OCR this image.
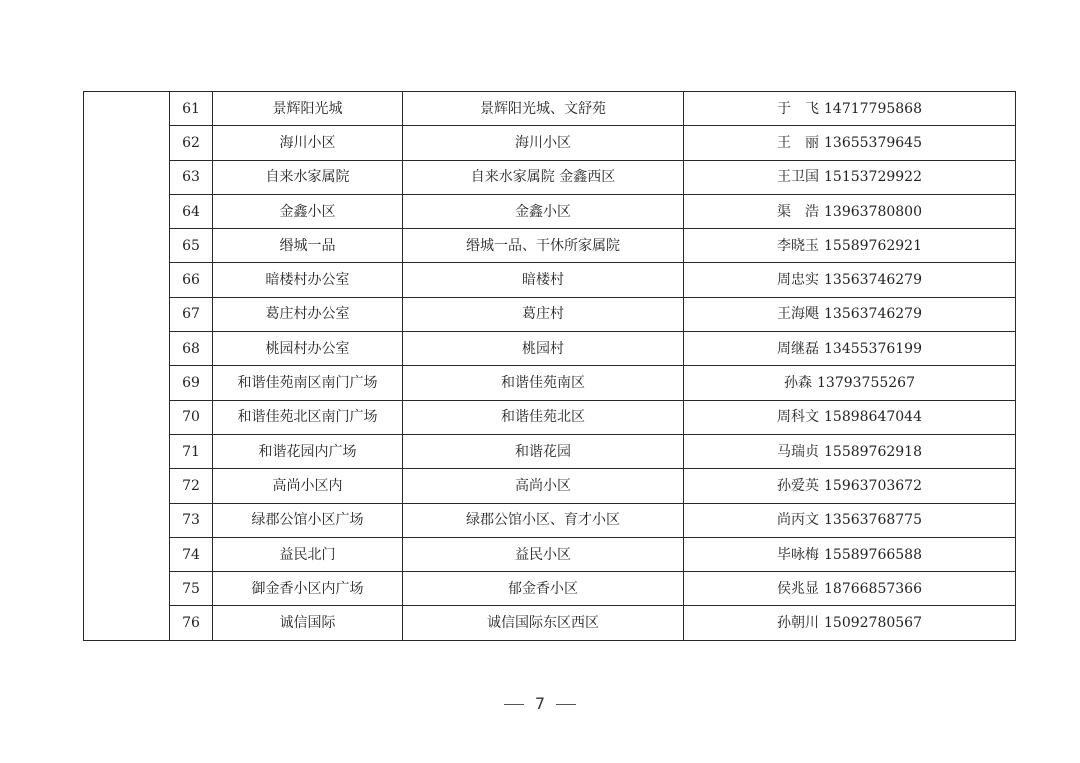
	61	景辉阳光城	景辉阳光城、文舒苑	于　飞 14717795868
	62	海川小区	海川小区	王　丽 13655379645
	63	自来水家属院	自来水家属院 金鑫西区	王卫国 15153729922
	64	金鑫小区	金鑫小区	渠　浩 13963780800
	65	缗城一品	缗城一品、干休所家属院	李晓玉 15589762921
	66	暗楼村办公室	暗楼村	周忠实 13563746279
	67	葛庄村办公室	葛庄村	王海飓 13563746279
	68	桃园村办公室	桃园村	周继磊 13455376199
	69	和谐佳苑南区南门广场	和谐佳苑南区	孙森 13793755267
	70	和谐佳苑北区南门广场	和谐佳苑北区	周科文 15898647044
	71	和谐花园内广场	和谐花园	马瑞贞 15589762918
	72	高尚小区内	高尚小区	孙爱英 15963703672
	73	绿郡公馆小区广场	绿郡公馆小区、育才小区	尚丙文 13563768775
	74	益民北门	益民小区	毕咏梅 15589766588
	75	御金香小区内广场	郁金香小区	侯兆显 18766857366
	76	诚信国际	诚信国际东区西区	孙朝川 15092780567
7
